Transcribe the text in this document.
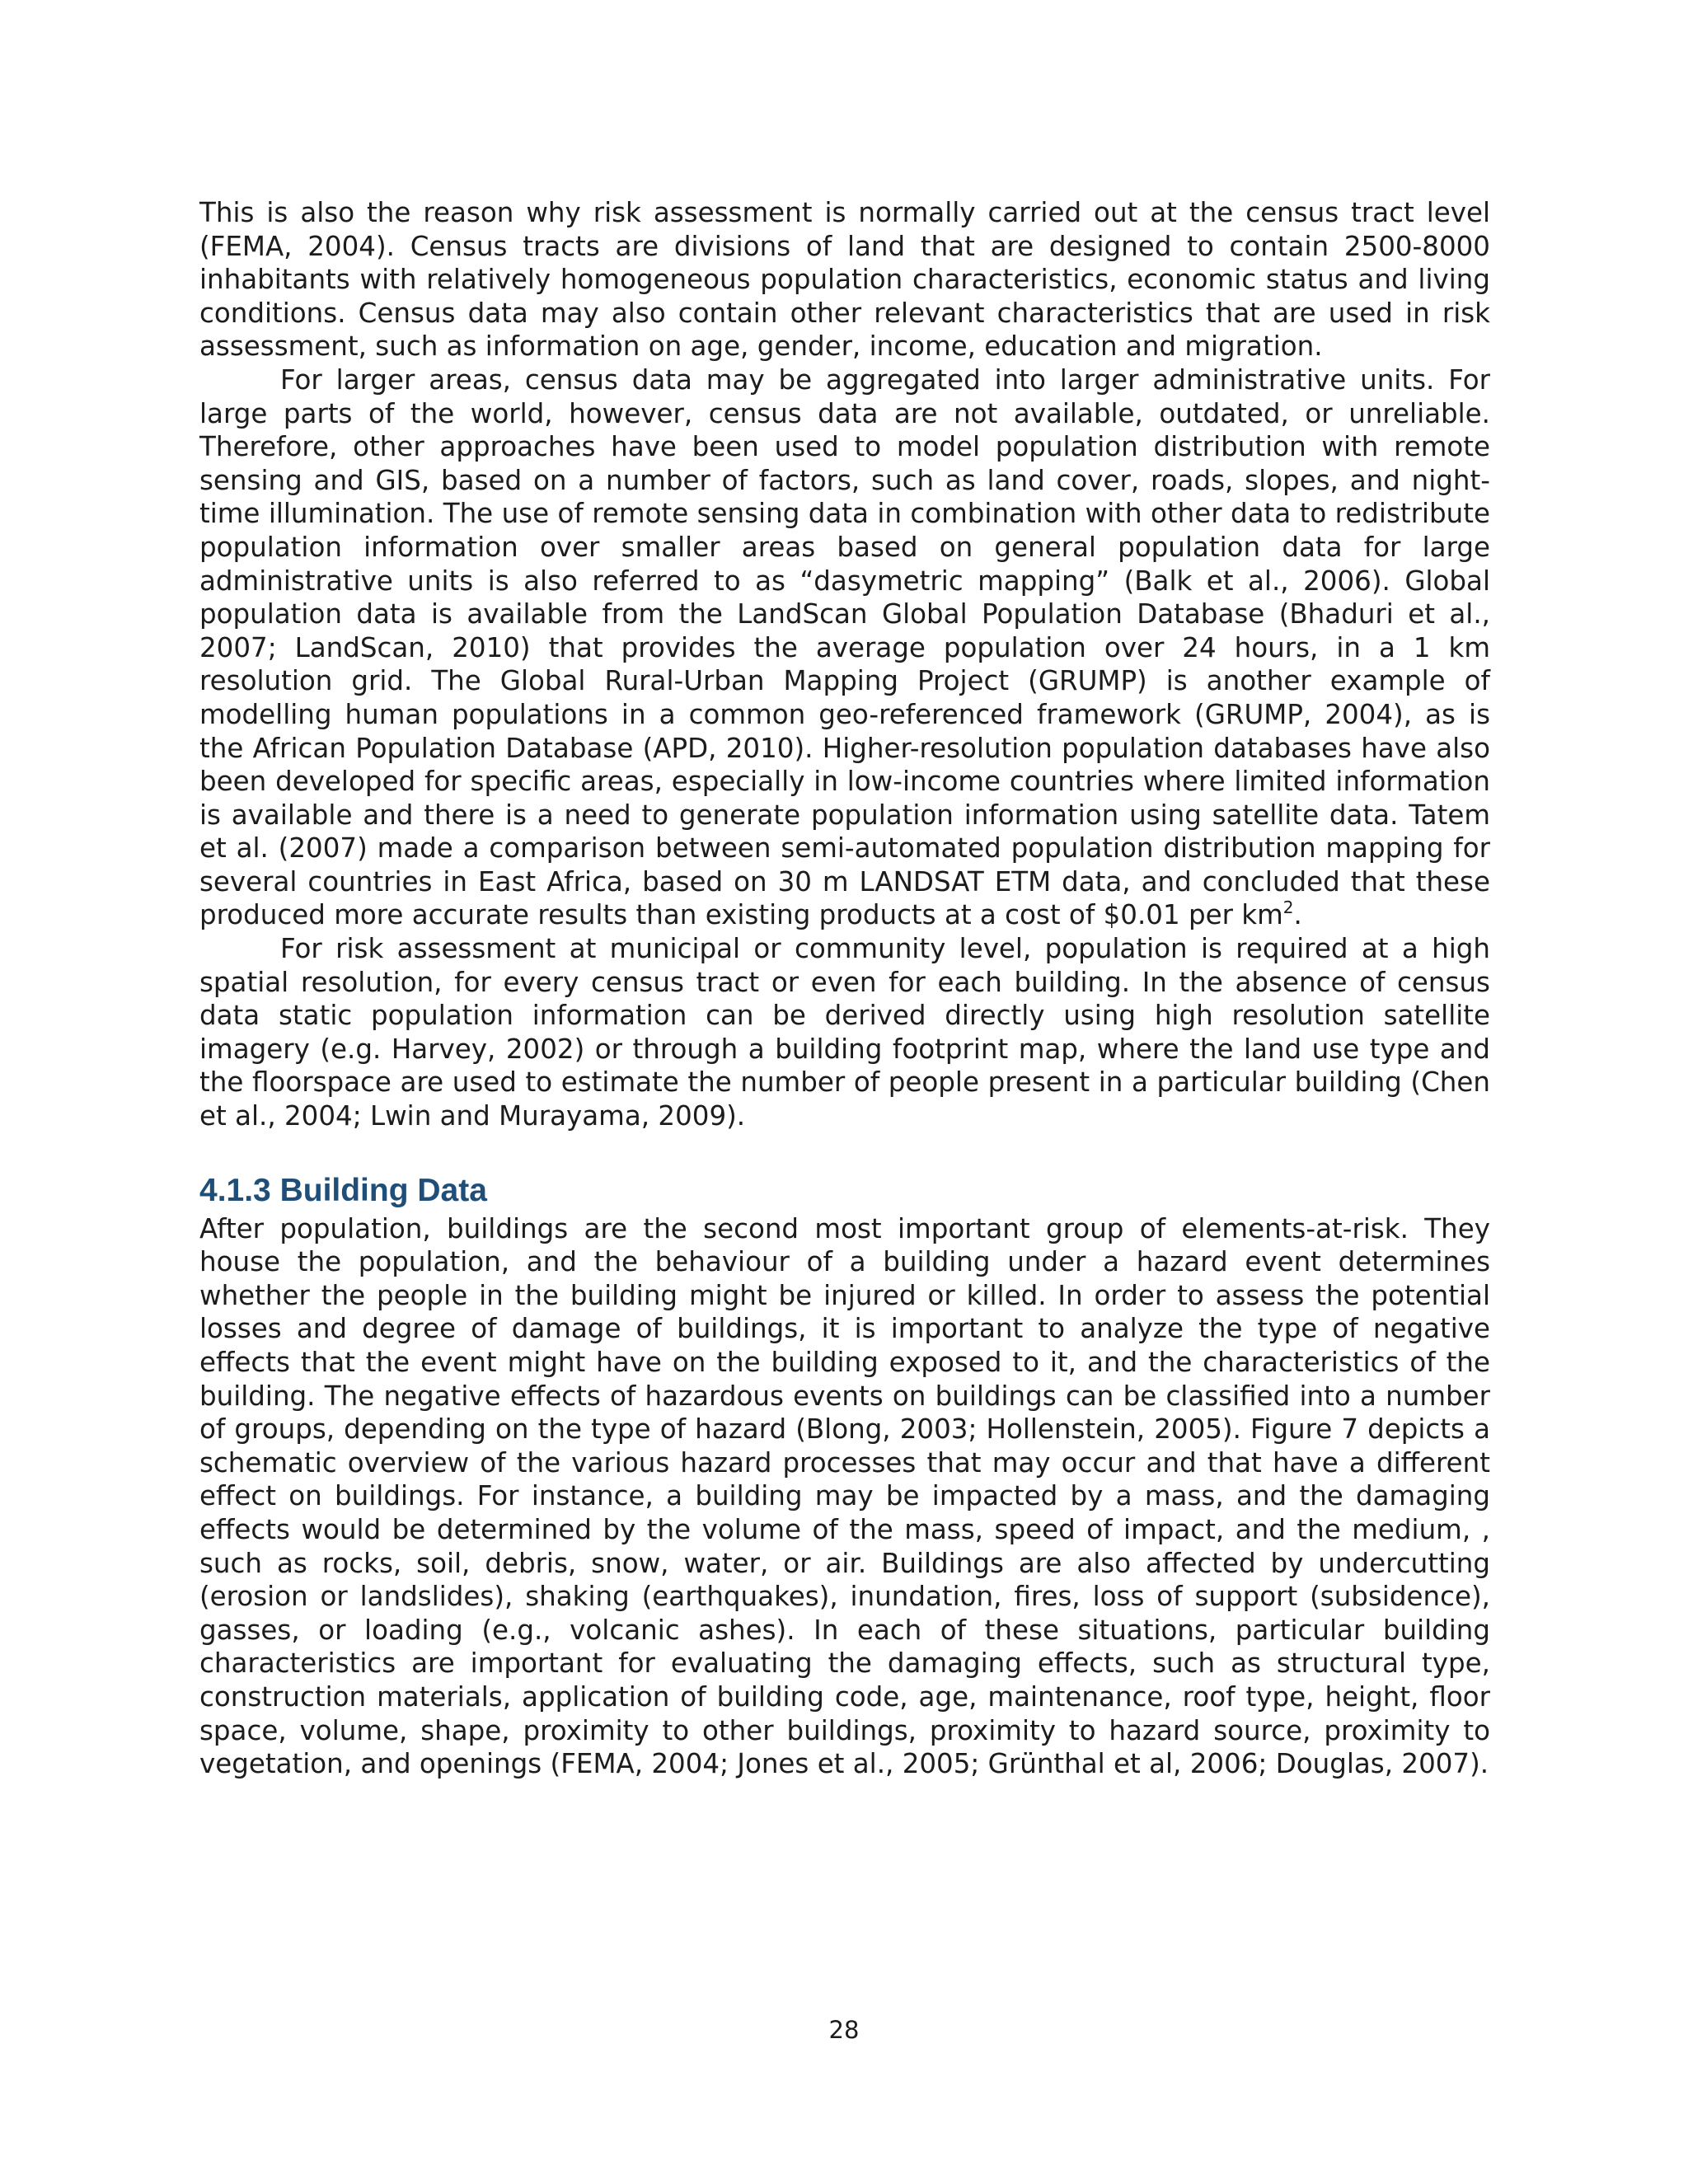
This is also the reason why risk assessment is normally carried out at the census tract level (FEMA, 2004). Census tracts are divisions of land that are designed to contain 2500-8000 inhabitants with relatively homogeneous population characteristics, economic status and living conditions. Census data may also contain other relevant characteristics that are used in risk assessment, such as information on age, gender, income, education and migration.

For larger areas, census data may be aggregated into larger administrative units. For large parts of the world, however, census data are not available, outdated, or unreliable. Therefore, other approaches have been used to model population distribution with remote sensing and GIS, based on a number of factors, such as land cover, roads, slopes, and night-time illumination. The use of remote sensing data in combination with other data to redistribute population information over smaller areas based on general population data for large administrative units is also referred to as “dasymetric mapping” (Balk et al., 2006). Global population data is available from the LandScan Global Population Database (Bhaduri et al., 2007; LandScan, 2010) that provides the average population over 24 hours, in a 1 km resolution grid. The Global Rural-Urban Mapping Project (GRUMP) is another example of modelling human populations in a common geo-referenced framework (GRUMP, 2004), as is the African Population Database (APD, 2010). Higher-resolution population databases have also been developed for specific areas, especially in low-income countries where limited information is available and there is a need to generate population information using satellite data. Tatem et al. (2007) made a comparison between semi-automated population distribution mapping for several countries in East Africa, based on 30 m LANDSAT ETM data, and concluded that these produced more accurate results than existing products at a cost of $0.01 per $km^2$.

For risk assessment at municipal or community level, population is required at a high spatial resolution, for every census tract or even for each building. In the absence of census data static population information can be derived directly using high resolution satellite imagery (e.g. Harvey, 2002) or through a building footprint map, where the land use type and the floorspace are used to estimate the number of people present in a particular building (Chen et al., 2004; Lwin and Murayama, 2009).

4.1.3 Building Data

After population, buildings are the second most important group of elements-at-risk. They house the population, and the behaviour of a building under a hazard event determines whether the people in the building might be injured or killed. In order to assess the potential losses and degree of damage of buildings, it is important to analyze the type of negative effects that the event might have on the building exposed to it, and the characteristics of the building. The negative effects of hazardous events on buildings can be classified into a number of groups, depending on the type of hazard (Blong, 2003; Hollenstein, 2005). Figure 7 depicts a schematic overview of the various hazard processes that may occur and that have a different effect on buildings. For instance, a building may be impacted by a mass, and the damaging effects would be determined by the volume of the mass, speed of impact, and the medium, , such as rocks, soil, debris, snow, water, or air. Buildings are also affected by undercutting (erosion or landslides), shaking (earthquakes), inundation, fires, loss of support (subsidence), gasses, or loading (e.g., volcanic ashes). In each of these situations, particular building characteristics are important for evaluating the damaging effects, such as structural type, construction materials, application of building code, age, maintenance, roof type, height, floor space, volume, shape, proximity to other buildings, proximity to hazard source, proximity to vegetation, and openings (FEMA, 2004; Jones et al., 2005; Grünthal et al, 2006; Douglas, 2007).

28
